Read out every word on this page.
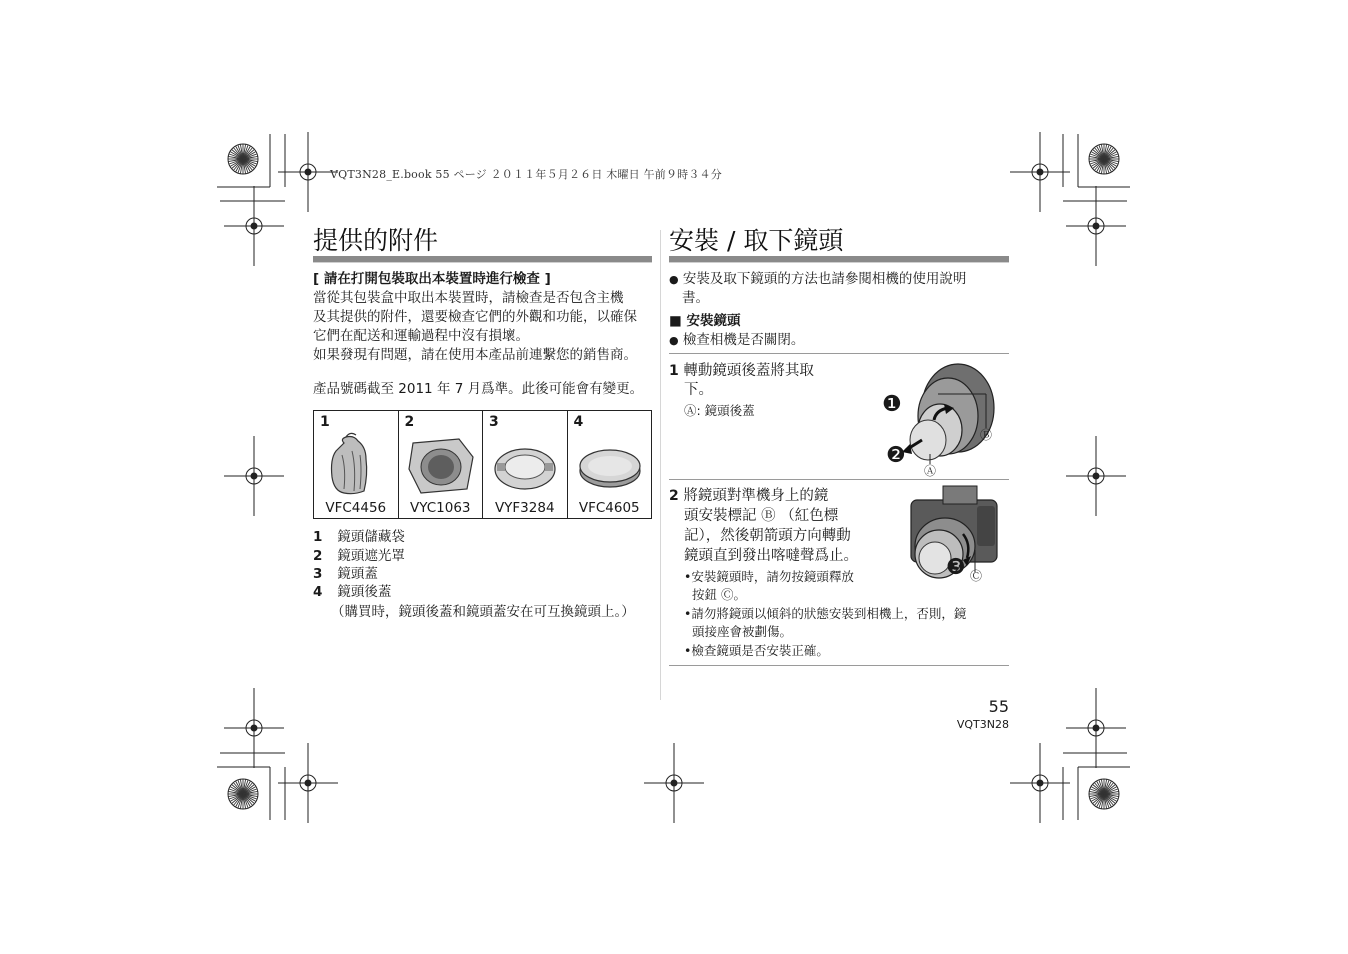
VQT3N28_E.book 55 ページ ２０１１年５月２６日 木曜日 午前９時３４分
提供的附件
[ 請在打開包裝取出本裝置時進行檢查 ]
當從其包裝盒中取出本裝置時，請檢查是否包含主機
及其提供的附件，還要檢查它們的外觀和功能，以確保
它們在配送和運輸過程中沒有損壞。
如果發現有問題，請在使用本產品前連繫您的銷售商。
產品號碼截至 2011 年 7 月爲準。此後可能會有變更。
1
VFC4456

2
VYC1063

3
VYF3284

4
VFC4605
1 鏡頭儲藏袋
2 鏡頭遮光罩
3 鏡頭蓋
4 鏡頭後蓋
（購買時，鏡頭後蓋和鏡頭蓋安在可互換鏡頭上。）
安裝 / 取下鏡頭
● 安裝及取下鏡頭的方法也請參閱相機的使用說明
書。
■ 安裝鏡頭
● 檢查相機是否關閉。
1 轉動鏡頭後蓋將其取
下。
Ⓐ: 鏡頭後蓋	❶
❷
Ⓑ
Ⓐ
2 將鏡頭對準機身上的鏡
頭安裝標記 Ⓑ （紅色標
記），然後朝箭頭方向轉動
鏡頭直到發出喀噠聲爲止。
•安裝鏡頭時，請勿按鏡頭釋放
按鈕 Ⓒ。
•請勿將鏡頭以傾斜的狀態安裝到相機上，否則，鏡
頭接座會被劃傷。
•檢查鏡頭是否安裝正確。
❸ Ⓒ
55
VQT3N28
